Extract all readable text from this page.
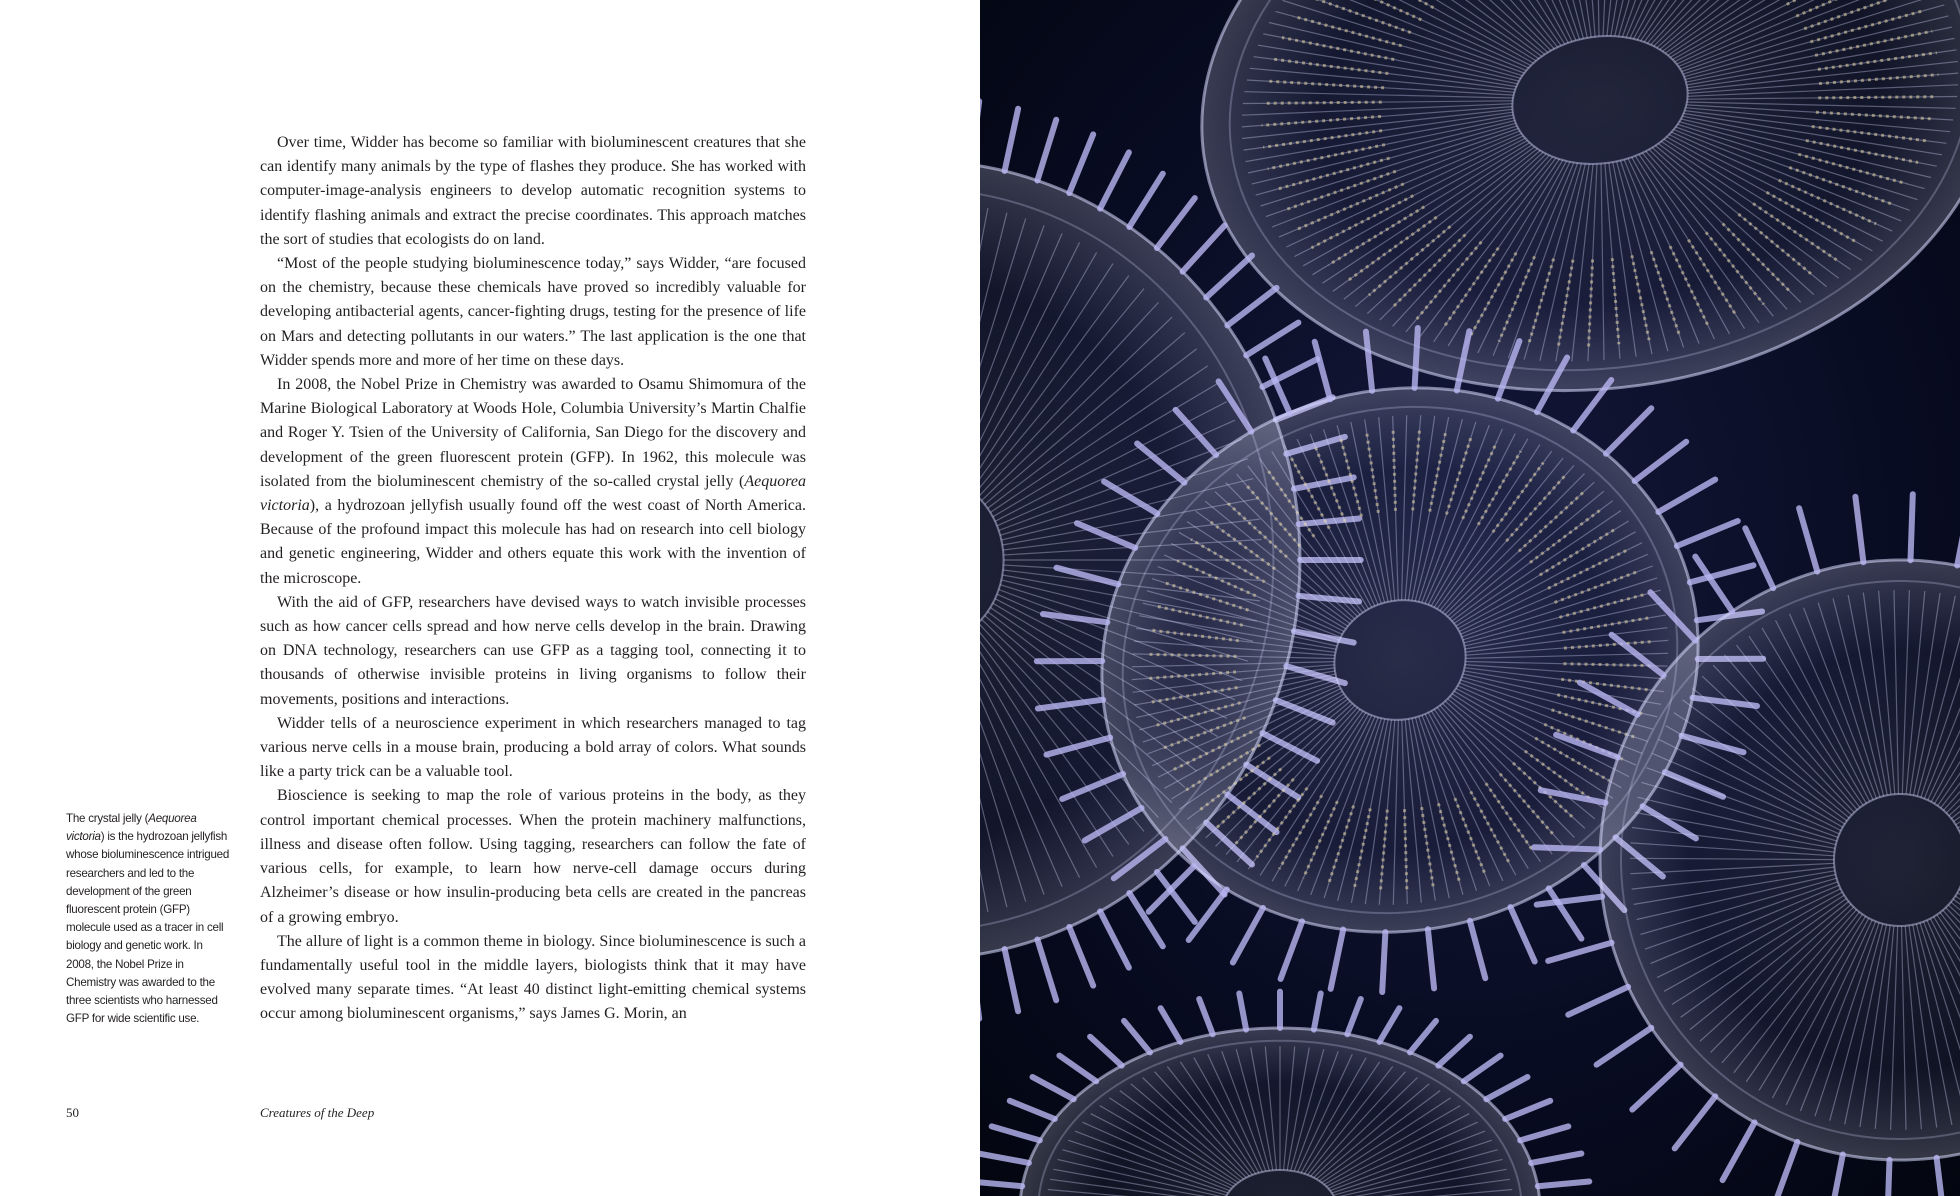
Over time, Widder has become so familiar with bioluminescent creatures that she can identify many animals by the type of flashes they produce. She has worked with computer-image-analysis engineers to develop automatic recognition systems to identify flashing animals and extract the precise coordinates. This approach matches the sort of studies that ecologists do on land.

“Most of the people studying bioluminescence today,” says Widder, “are focused on the chemistry, because these chemicals have proved so incredibly valuable for developing antibacterial agents, cancer-fighting drugs, testing for the presence of life on Mars and detecting pollutants in our waters.” The last application is the one that Widder spends more and more of her time on these days.

In 2008, the Nobel Prize in Chemistry was awarded to Osamu Shimomura of the Marine Biological Laboratory at Woods Hole, Columbia University’s Martin Chalfie and Roger Y. Tsien of the University of California, San Diego for the discovery and development of the green fluorescent protein (GFP). In 1962, this molecule was isolated from the bioluminescent chemistry of the so-called crystal jelly (Aequorea victoria), a hydrozoan jellyfish usually found off the west coast of North America. Because of the profound impact this molecule has had on research into cell biology and genetic engineering, Widder and others equate this work with the invention of the microscope.

With the aid of GFP, researchers have devised ways to watch invisible processes such as how cancer cells spread and how nerve cells develop in the brain. Drawing on DNA technology, researchers can use GFP as a tagging tool, connecting it to thousands of otherwise invisible proteins in living organisms to follow their movements, positions and interactions.

Widder tells of a neuroscience experiment in which researchers managed to tag various nerve cells in a mouse brain, producing a bold array of colors. What sounds like a party trick can be a valuable tool.

Bioscience is seeking to map the role of various proteins in the body, as they control important chemical processes. When the protein machinery malfunctions, illness and disease often follow. Using tagging, researchers can follow the fate of various cells, for example, to learn how nerve-cell damage occurs during Alzheimer’s disease or how insulin-producing beta cells are created in the pancreas of a growing embryo.

The allure of light is a common theme in biology. Since bioluminescence is such a fundamentally useful tool in the middle layers, biologists think that it may have evolved many separate times. “At least 40 distinct light-emitting chemical systems occur among bioluminescent organisms,” says James G. Morin, an

The crystal jelly (Aequorea victoria) is the hydrozoan jellyfish whose bioluminescence intrigued researchers and led to the development of the green fluorescent protein (GFP) molecule used as a tracer in cell biology and genetic work. In 2008, the Nobel Prize in Chemistry was awarded to the three scientists who harnessed GFP for wide scientific use.
50	Creatures of the Deep
